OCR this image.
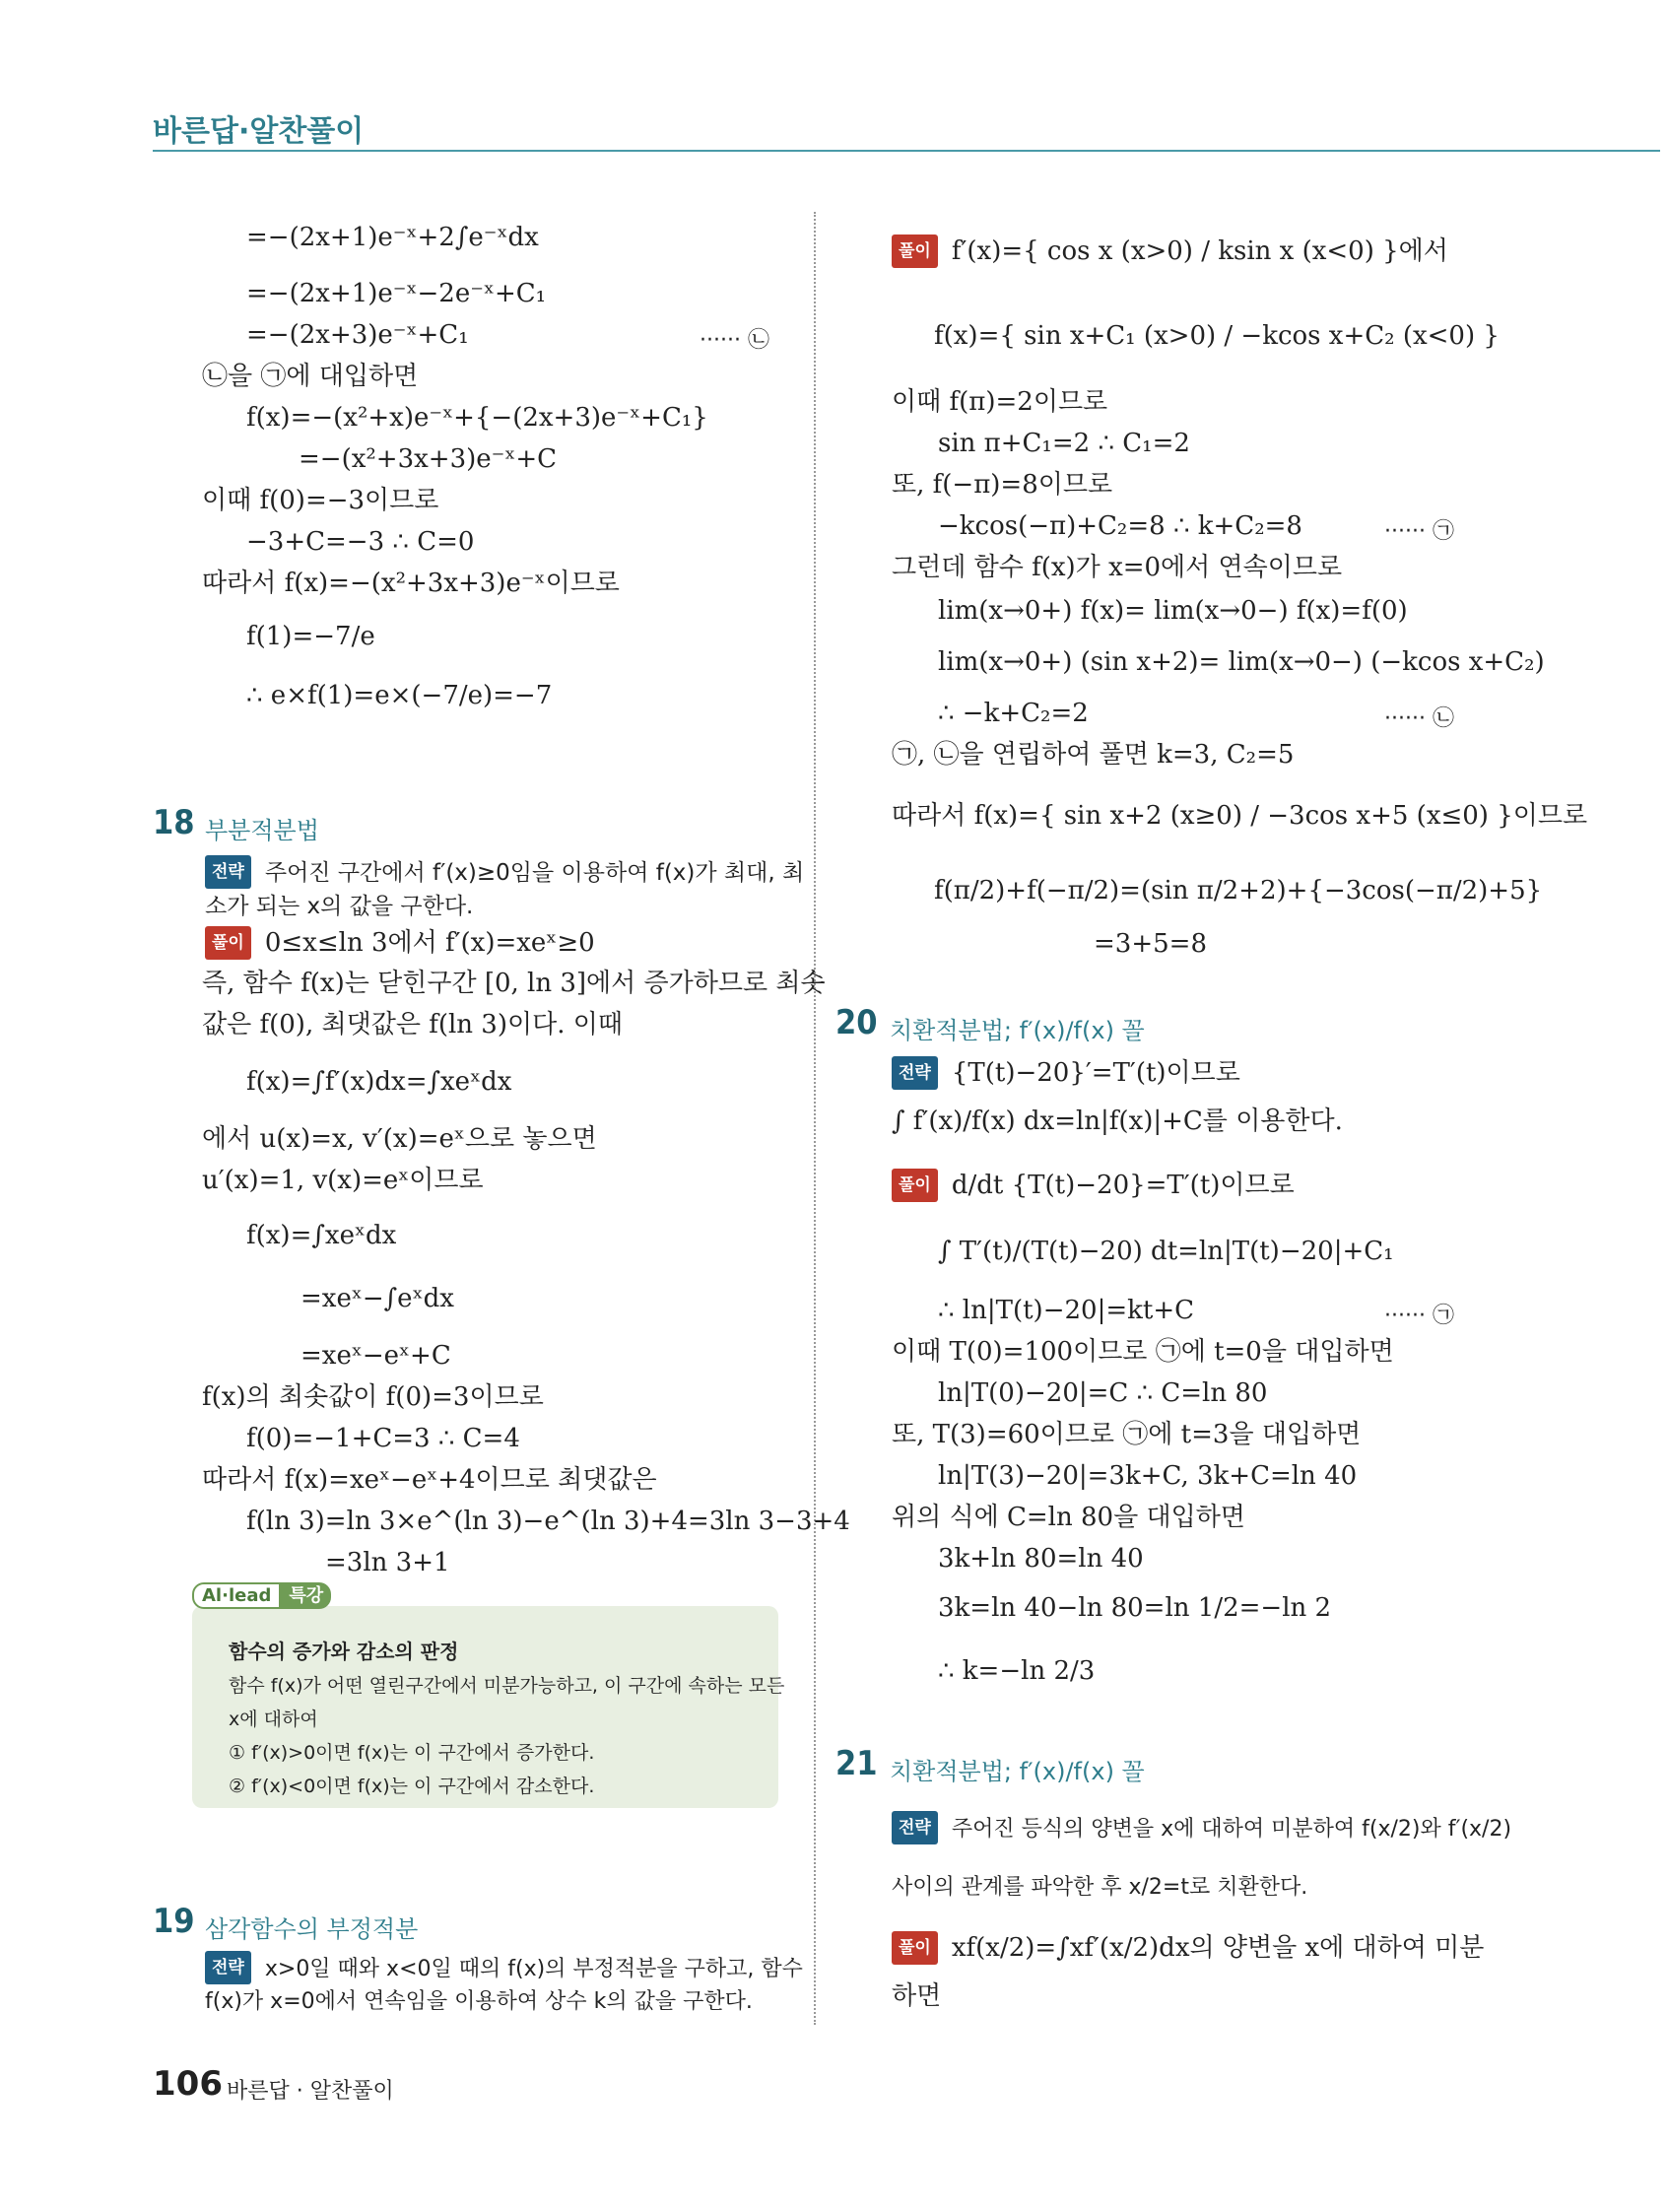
바른답·알찬풀이
=−(2x+1)e⁻ˣ+2∫e⁻ˣdx
=−(2x+1)e⁻ˣ−2e⁻ˣ+C₁
=−(2x+3)e⁻ˣ+C₁	······ ㉡
㉡을 ㉠에 대입하면
f(x)=−(x²+x)e⁻ˣ+{−(2x+3)e⁻ˣ+C₁}
=−(x²+3x+3)e⁻ˣ+C
이때 f(0)=−3이므로
−3+C=−3 ∴ C=0
따라서 f(x)=−(x²+3x+3)e⁻ˣ이므로
f(1)=−7/e
∴ e×f(1)=e×(−7/e)=−7
18 부분적분법
전략 주어진 구간에서 f′(x)≥0임을 이용하여 f(x)가 최대, 최
소가 되는 x의 값을 구한다.
풀이 0≤x≤ln 3에서 f′(x)=xeˣ≥0
즉, 함수 f(x)는 닫힌구간 [0, ln 3]에서 증가하므로 최솟
값은 f(0), 최댓값은 f(ln 3)이다. 이때
f(x)=∫f′(x)dx=∫xeˣdx
에서 u(x)=x, v′(x)=eˣ으로 놓으면
u′(x)=1, v(x)=eˣ이므로
f(x)=∫xeˣdx
=xeˣ−∫eˣdx
=xeˣ−eˣ+C
f(x)의 최솟값이 f(0)=3이므로
f(0)=−1+C=3 ∴ C=4
따라서 f(x)=xeˣ−eˣ+4이므로 최댓값은
f(ln 3)=ln 3×e^(ln 3)−e^(ln 3)+4=3ln 3−3+4
=3ln 3+1
Al·lead 특강
함수의 증가와 감소의 판정
함수 f(x)가 어떤 열린구간에서 미분가능하고, 이 구간에 속하는 모든
x에 대하여
① f′(x)>0이면 f(x)는 이 구간에서 증가한다.
② f′(x)<0이면 f(x)는 이 구간에서 감소한다.
19 삼각함수의 부정적분
전략 x>0일 때와 x<0일 때의 f(x)의 부정적분을 구하고, 함수
f(x)가 x=0에서 연속임을 이용하여 상수 k의 값을 구한다.
풀이 f′(x)={ cos x (x>0) / ksin x (x<0) }에서
f(x)={ sin x+C₁ (x>0) / −kcos x+C₂ (x<0) }
이때 f(π)=2이므로
sin π+C₁=2 ∴ C₁=2
또, f(−π)=8이므로
−kcos(−π)+C₂=8 ∴ k+C₂=8	······ ㉠
그런데 함수 f(x)가 x=0에서 연속이므로
lim(x→0+) f(x)= lim(x→0−) f(x)=f(0)
lim(x→0+) (sin x+2)= lim(x→0−) (−kcos x+C₂)
∴ −k+C₂=2	······ ㉡
㉠, ㉡을 연립하여 풀면 k=3, C₂=5
따라서 f(x)={ sin x+2 (x≥0) / −3cos x+5 (x≤0) }이므로
f(π/2)+f(−π/2)=(sin π/2+2)+{−3cos(−π/2)+5}
=3+5=8
20 치환적분법; f′(x)/f(x) 꼴
전략 {T(t)−20}′=T′(t)이므로
∫ f′(x)/f(x) dx=ln|f(x)|+C를 이용한다.
풀이 d/dt {T(t)−20}=T′(t)이므로
∫ T′(t)/(T(t)−20) dt=ln|T(t)−20|+C₁
∴ ln|T(t)−20|=kt+C	······ ㉠
이때 T(0)=100이므로 ㉠에 t=0을 대입하면
ln|T(0)−20|=C ∴ C=ln 80
또, T(3)=60이므로 ㉠에 t=3을 대입하면
ln|T(3)−20|=3k+C, 3k+C=ln 40
위의 식에 C=ln 80을 대입하면
3k+ln 80=ln 40
3k=ln 40−ln 80=ln 1/2=−ln 2
∴ k=−ln 2/3
21 치환적분법; f′(x)/f(x) 꼴
전략 주어진 등식의 양변을 x에 대하여 미분하여 f(x/2)와 f′(x/2)
사이의 관계를 파악한 후 x/2=t로 치환한다.
풀이 xf(x/2)=∫xf′(x/2)dx의 양변을 x에 대하여 미분
하면
106 바른답 · 알찬풀이
